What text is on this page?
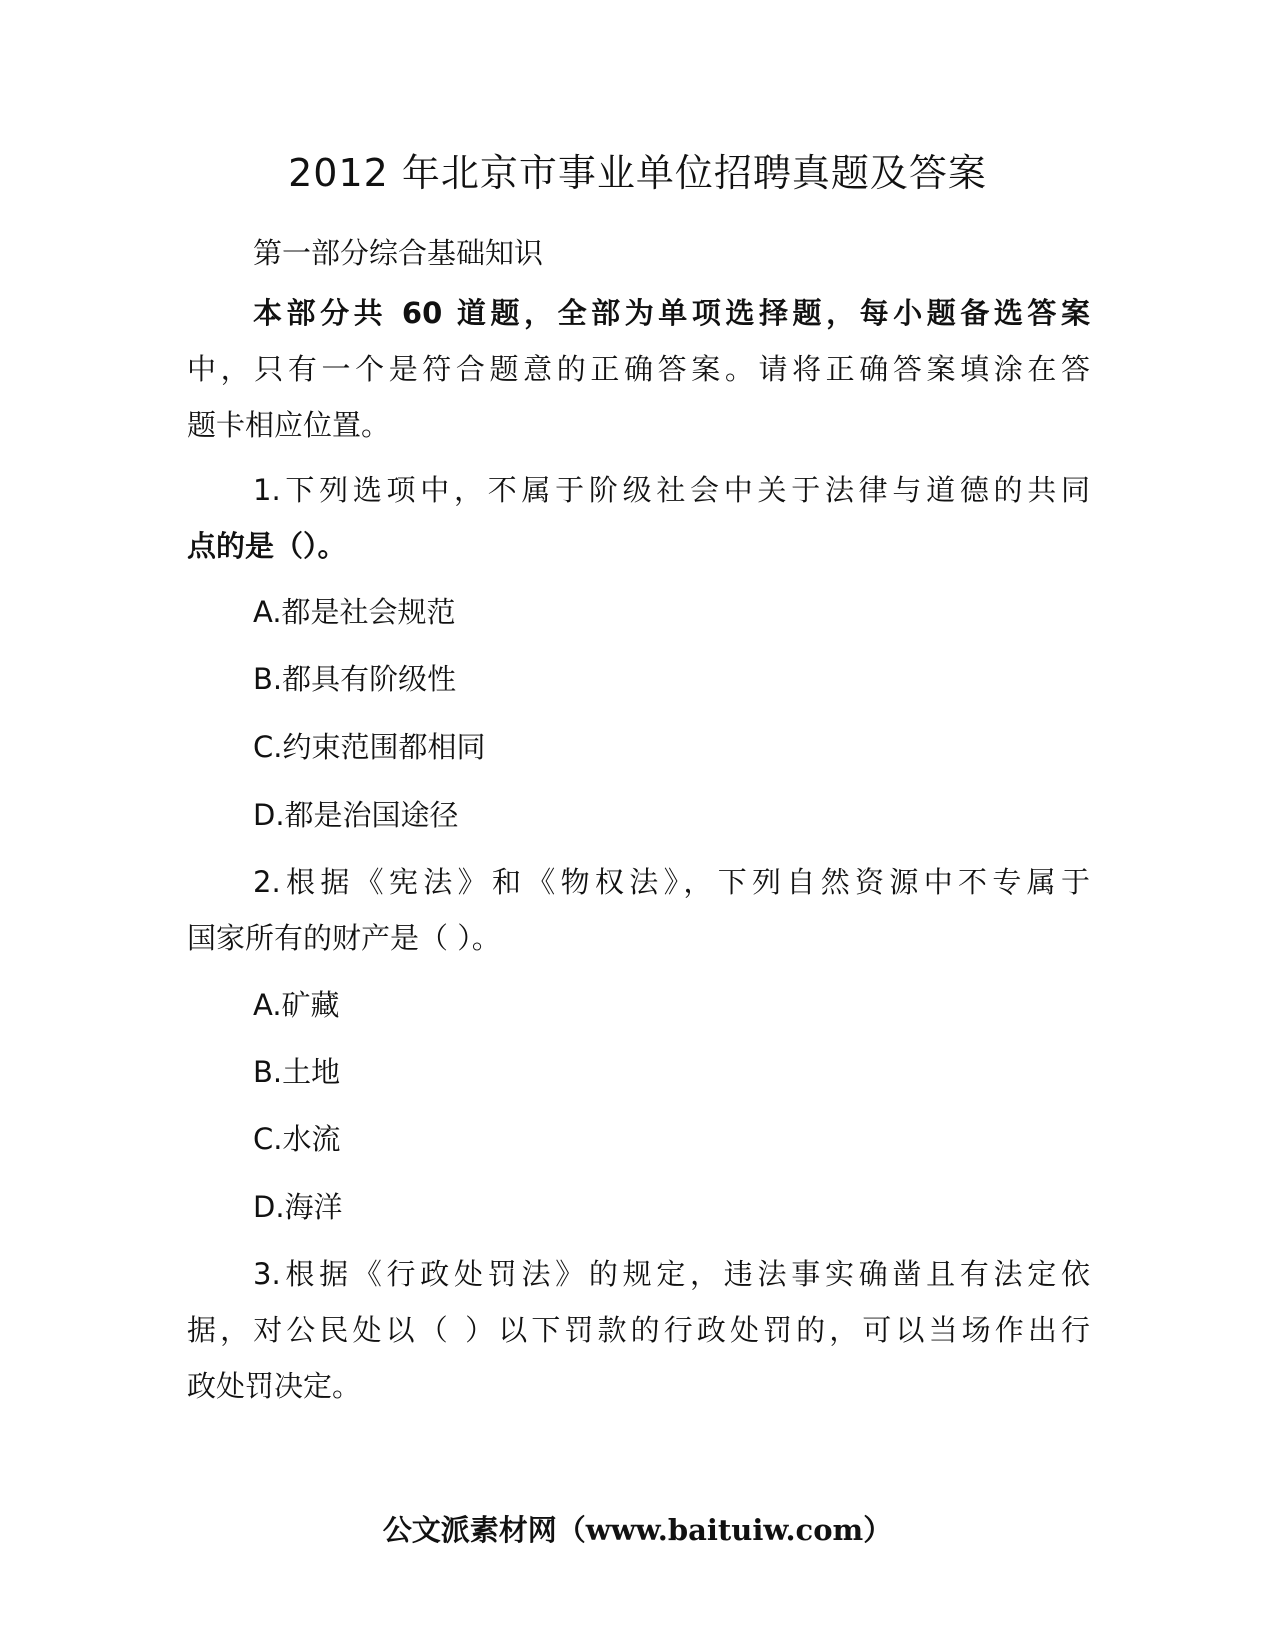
2012 年北京市事业单位招聘真题及答案
第一部分综合基础知识
本部分共 60 道题，全部为单项选择题，每小题备选答案
中，只有一个是符合题意的正确答案。请将正确答案填涂在答
题卡相应位置。
1.下列选项中，不属于阶级社会中关于法律与道德的共同
点的是（）。
A.都是社会规范
B.都具有阶级性
C.约束范围都相同
D.都是治国途径
2.根据《宪法》和《物权法》，下列自然资源中不专属于
国家所有的财产是（ ）。
A.矿藏
B.土地
C.水流
D.海洋
3.根据《行政处罚法》的规定，违法事实确凿且有法定依
据，对公民处以（ ）以下罚款的行政处罚的，可以当场作出行
政处罚决定。
公文派素材网（www.baituiw.com）
